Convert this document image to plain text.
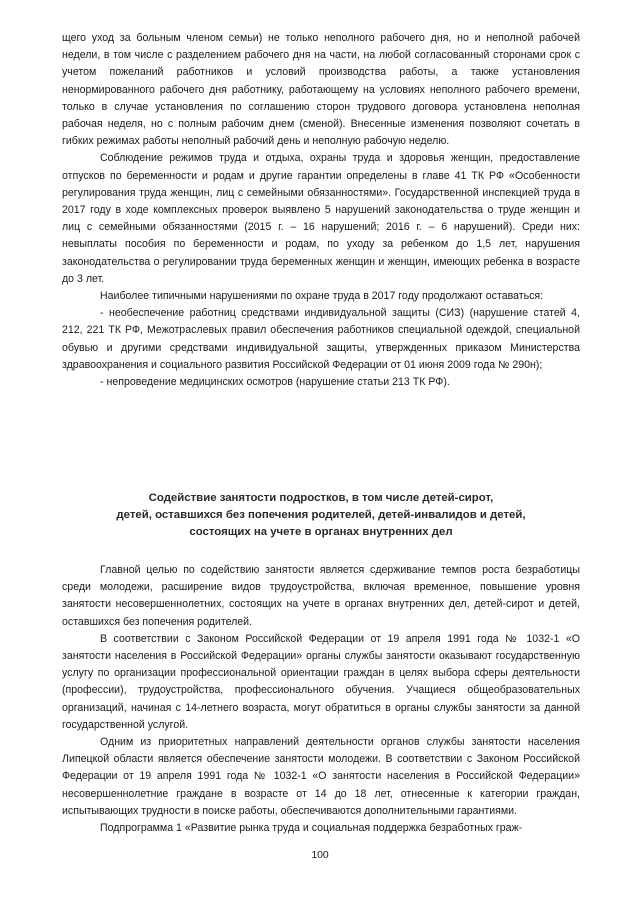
щего уход за больным членом семьи) не только неполного рабочего дня, но и неполной рабочей недели, в том числе с разделением рабочего дня на части, на любой согласованный сторонами срок с учетом пожеланий работников и условий производства работы, а также установления ненормированного рабочего дня работнику, работающему на условиях неполного рабочего времени, только в случае установления по соглашению сторон трудового договора установлена неполная рабочая неделя, но с полным рабочим днем (сменой). Внесенные изменения позволяют сочетать в гибких режимах работы неполный рабочий день и неполную рабочую неделю.

Соблюдение режимов труда и отдыха, охраны труда и здоровья женщин, предоставление отпусков по беременности и родам и другие гарантии определены в главе 41 ТК РФ «Особенности регулирования труда женщин, лиц с семейными обязанностями». Государственной инспекцией труда в 2017 году в ходе комплексных проверок выявлено 5 нарушений законодательства о труде женщин и лиц с семейными обязанностями (2015 г. – 16 нарушений; 2016 г. – 6 нарушений). Среди них: невыплаты пособия по беременности и родам, по уходу за ребенком до 1,5 лет, нарушения законодательства о регулировании труда беременных женщин и женщин, имеющих ребенка в возрасте до 3 лет.

Наиболее типичными нарушениями по охране труда в 2017 году продолжают оставаться:

- необеспечение работниц средствами индивидуальной защиты (СИЗ) (нарушение статей 4, 212, 221 ТК РФ, Межотраслевых правил обеспечения работников специальной одеждой, специальной обувью и другими средствами индивидуальной защиты, утвержденных приказом Министерства здравоохранения и социального развития Российской Федерации от 01 июня 2009 года № 290н);

- непроведение медицинских осмотров (нарушение статьи 213 ТК РФ).

Содействие занятости подростков, в том числе детей-сирот,
детей, оставшихся без попечения родителей, детей-инвалидов и детей,
состоящих на учете в органах внутренних дел

Главной целью по содействию занятости является сдерживание темпов роста безработицы среди молодежи, расширение видов трудоустройства, включая временное, повышение уровня занятости несовершеннолетних, состоящих на учете в органах внутренних дел, детей-сирот и детей, оставшихся без попечения родителей.

В соответствии с Законом Российской Федерации от 19 апреля 1991 года № 1032-1 «О занятости населения в Российской Федерации» органы службы занятости оказывают государственную услугу по организации профессиональной ориентации граждан в целях выбора сферы деятельности (профессии), трудоустройства, профессионального обучения. Учащиеся общеобразовательных организаций, начиная с 14-летнего возраста, могут обратиться в органы службы занятости за данной государственной услугой.

Одним из приоритетных направлений деятельности органов службы занятости населения Липецкой области является обеспечение занятости молодежи. В соответствии с Законом Российской Федерации от 19 апреля 1991 года № 1032-1 «О занятости населения в Российской Федерации» несовершеннолетние граждане в возрасте от 14 до 18 лет, отнесенные к категории граждан, испытывающих трудности в поиске работы, обеспечиваются дополнительными гарантиями.

Подпрограмма 1 «Развитие рынка труда и социальная поддержка безработных граж-

100
